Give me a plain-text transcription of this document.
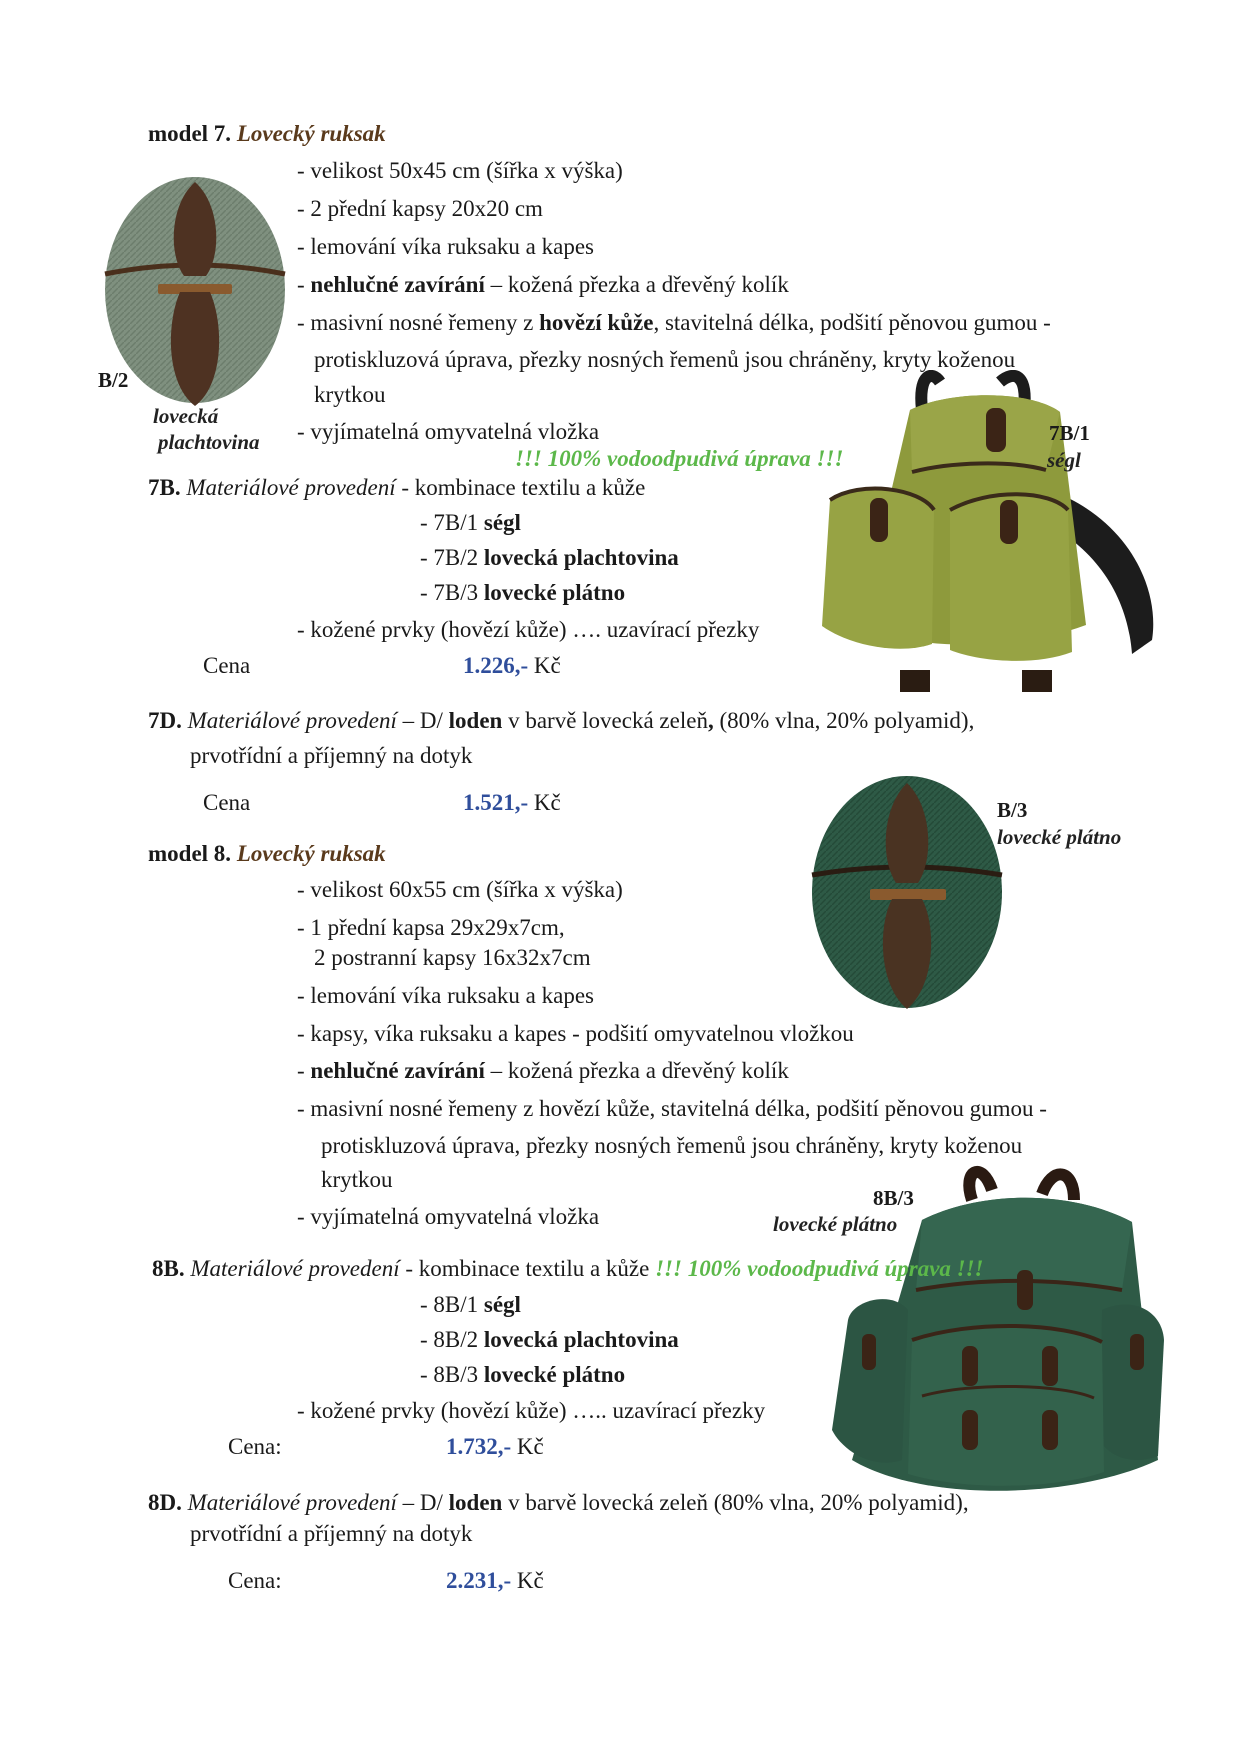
model 7. Lovecký ruksak
- velikost 50x45 cm (šířka x výška)
- 2 přední kapsy 20x20 cm
- lemování víka ruksaku a kapes
- nehlučné zavírání – kožená přezka a dřevěný kolík
- masivní nosné řemeny z hovězí kůže, stavitelná délka, podšití pěnovou gumou -
protiskluzová úprava, přezky nosných řemenů jsou chráněny, kryty koženou
krytkou
- vyjímatelná omyvatelná vložka
!!! 100% vodoodpudivá úprava !!!
B/2
lovecká
plachtovina	7B/1
ségl
7B. Materiálové provedení - kombinace textilu a kůže
- 7B/1 ségl
- 7B/2 lovecká plachtovina
- 7B/3 lovecké plátno
- kožené prvky (hovězí kůže) …. uzavírací přezky
Cena	1.226,- Kč
7D. Materiálové provedení – D/ loden v barvě lovecká zeleň, (80% vlna, 20% polyamid),
prvotřídní a příjemný na dotyk
Cena	1.521,- Kč	B/3
lovecké plátno
model 8. Lovecký ruksak
- velikost 60x55 cm (šířka x výška)
- 1 přední kapsa 29x29x7cm,
2 postranní kapsy 16x32x7cm
- lemování víka ruksaku a kapes
- kapsy, víka ruksaku a kapes - podšití omyvatelnou vložkou
- nehlučné zavírání – kožená přezka a dřevěný kolík
- masivní nosné řemeny z hovězí kůže, stavitelná délka, podšití pěnovou gumou -
protiskluzová úprava, přezky nosných řemenů jsou chráněny, kryty koženou
krytkou
- vyjímatelná omyvatelná vložka
8B/3
lovecké plátno
8B. Materiálové provedení - kombinace textilu a kůže !!! 100% vodoodpudivá úprava !!!
- 8B/1 ségl
- 8B/2 lovecká plachtovina
- 8B/3 lovecké plátno
- kožené prvky (hovězí kůže) ….. uzavírací přezky
Cena:	1.732,- Kč
8D. Materiálové provedení – D/ loden v barvě lovecká zeleň (80% vlna, 20% polyamid),
prvotřídní a příjemný na dotyk
Cena:	2.231,- Kč
